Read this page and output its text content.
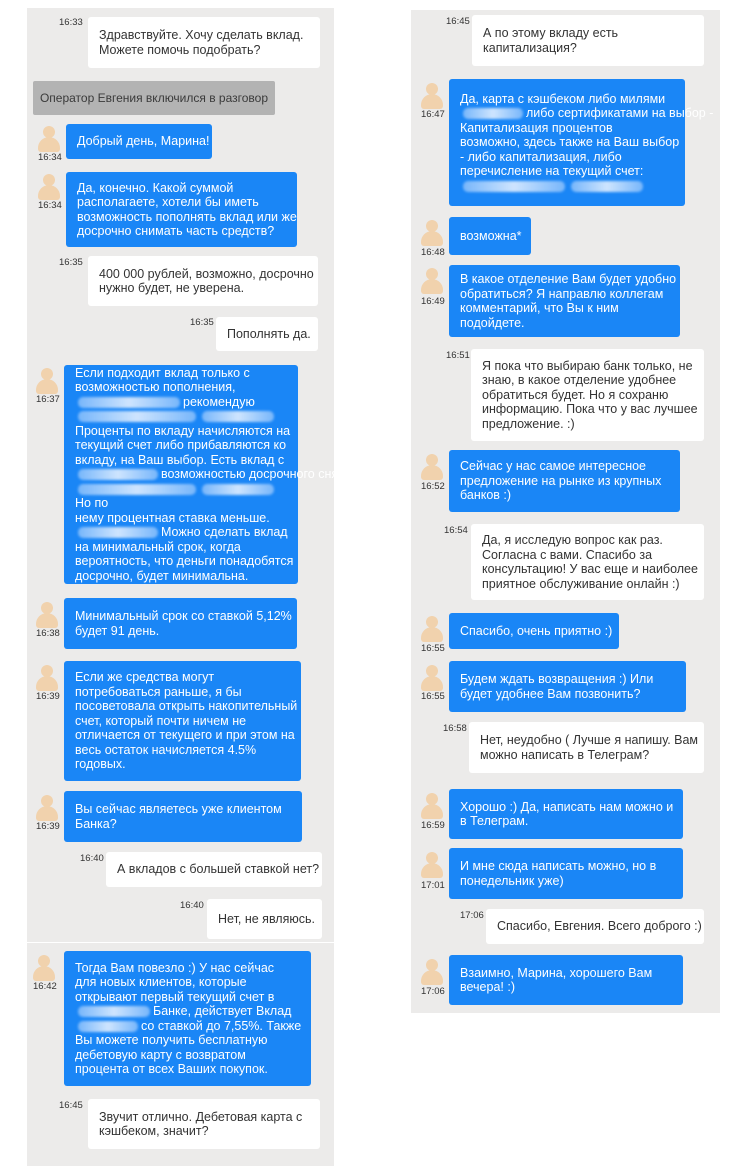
Оператор Евгения включился в разговор
Здравствуйте. Хочу сделать вклад.
Можете помочь подобрать?
16:33
Добрый день, Марина!
16:34
Да, конечно. Какой суммой
располагаете, хотели бы иметь
возможность пополнять вклад или же
досрочно снимать часть средств?
16:34
400 000 рублей, возможно, досрочно
нужно будет, не уверена.
16:35
Пополнять да.
16:35
Если подходит вклад только с
возможностью пополнения,
рекомендую
Проценты по вкладу начисляются на
текущий счет либо прибавляются ко
вкладу, на Ваш выбор. Есть вклад с
возможностью досрочного снятия
Но по
нему процентная ставка меньше.
Можно сделать вклад
на минимальный срок, когда
вероятность, что деньги понадобятся
досрочно, будет минимальна.
16:37
Минимальный срок со ставкой 5,12%
будет 91 день.
16:38
Если же средства могут
потребоваться раньше, я бы
посоветовала открыть накопительный
счет, который почти ничем не
отличается от текущего и при этом на
весь остаток начисляется 4.5%
годовых.
16:39
Вы сейчас являетесь уже клиентом
Банка?
16:39
А вкладов с большей ставкой нет?
16:40
Нет, не являюсь.
16:40
Тогда Вам повезло :) У нас сейчас
для новых клиентов, которые
открывают первый текущий счет в
Банке, действует Вклад
со ставкой до 7,55%. Также
Вы можете получить бесплатную
дебетовую карту с возвратом
процента от всех Ваших покупок.
16:42
Звучит отлично. Дебетовая карта с
кэшбеком, значит?
16:45
А по этому вкладу есть
капитализация?
16:45
Да, карта с кэшбеком либо милями
либо сертификатами на выбор -
Капитализация процентов
возможно, здесь также на Ваш выбор
- либо капитализация, либо
перечисление на текущий счет:
16:47
возможна*
16:48
В какое отделение Вам будет удобно
обратиться? Я направлю коллегам
комментарий, что Вы к ним
подойдете.
16:49
Я пока что выбираю банк только, не
знаю, в какое отделение удобнее
обратиться будет. Но я сохраню
информацию. Пока что у вас лучшее
предложение. :)
16:51
Сейчас у нас самое интересное
предложение на рынке из крупных
банков :)
16:52
Да, я исследую вопрос как раз.
Согласна с вами. Спасибо за
консультацию! У вас еще и наиболее
приятное обслуживание онлайн :)
16:54
Спасибо, очень приятно :)
16:55
Будем ждать возвращения :) Или
будет удобнее Вам позвонить?
16:55
Нет, неудобно ( Лучше я напишу. Вам
можно написать в Телеграм?
16:58
Хорошо :) Да, написать нам можно и
в Телеграм.
16:59
И мне сюда написать можно, но в
понедельник уже)
17:01
Спасибо, Евгения. Всего доброго :)
17:06
Взаимно, Марина, хорошего Вам
вечера! :)
17:06
